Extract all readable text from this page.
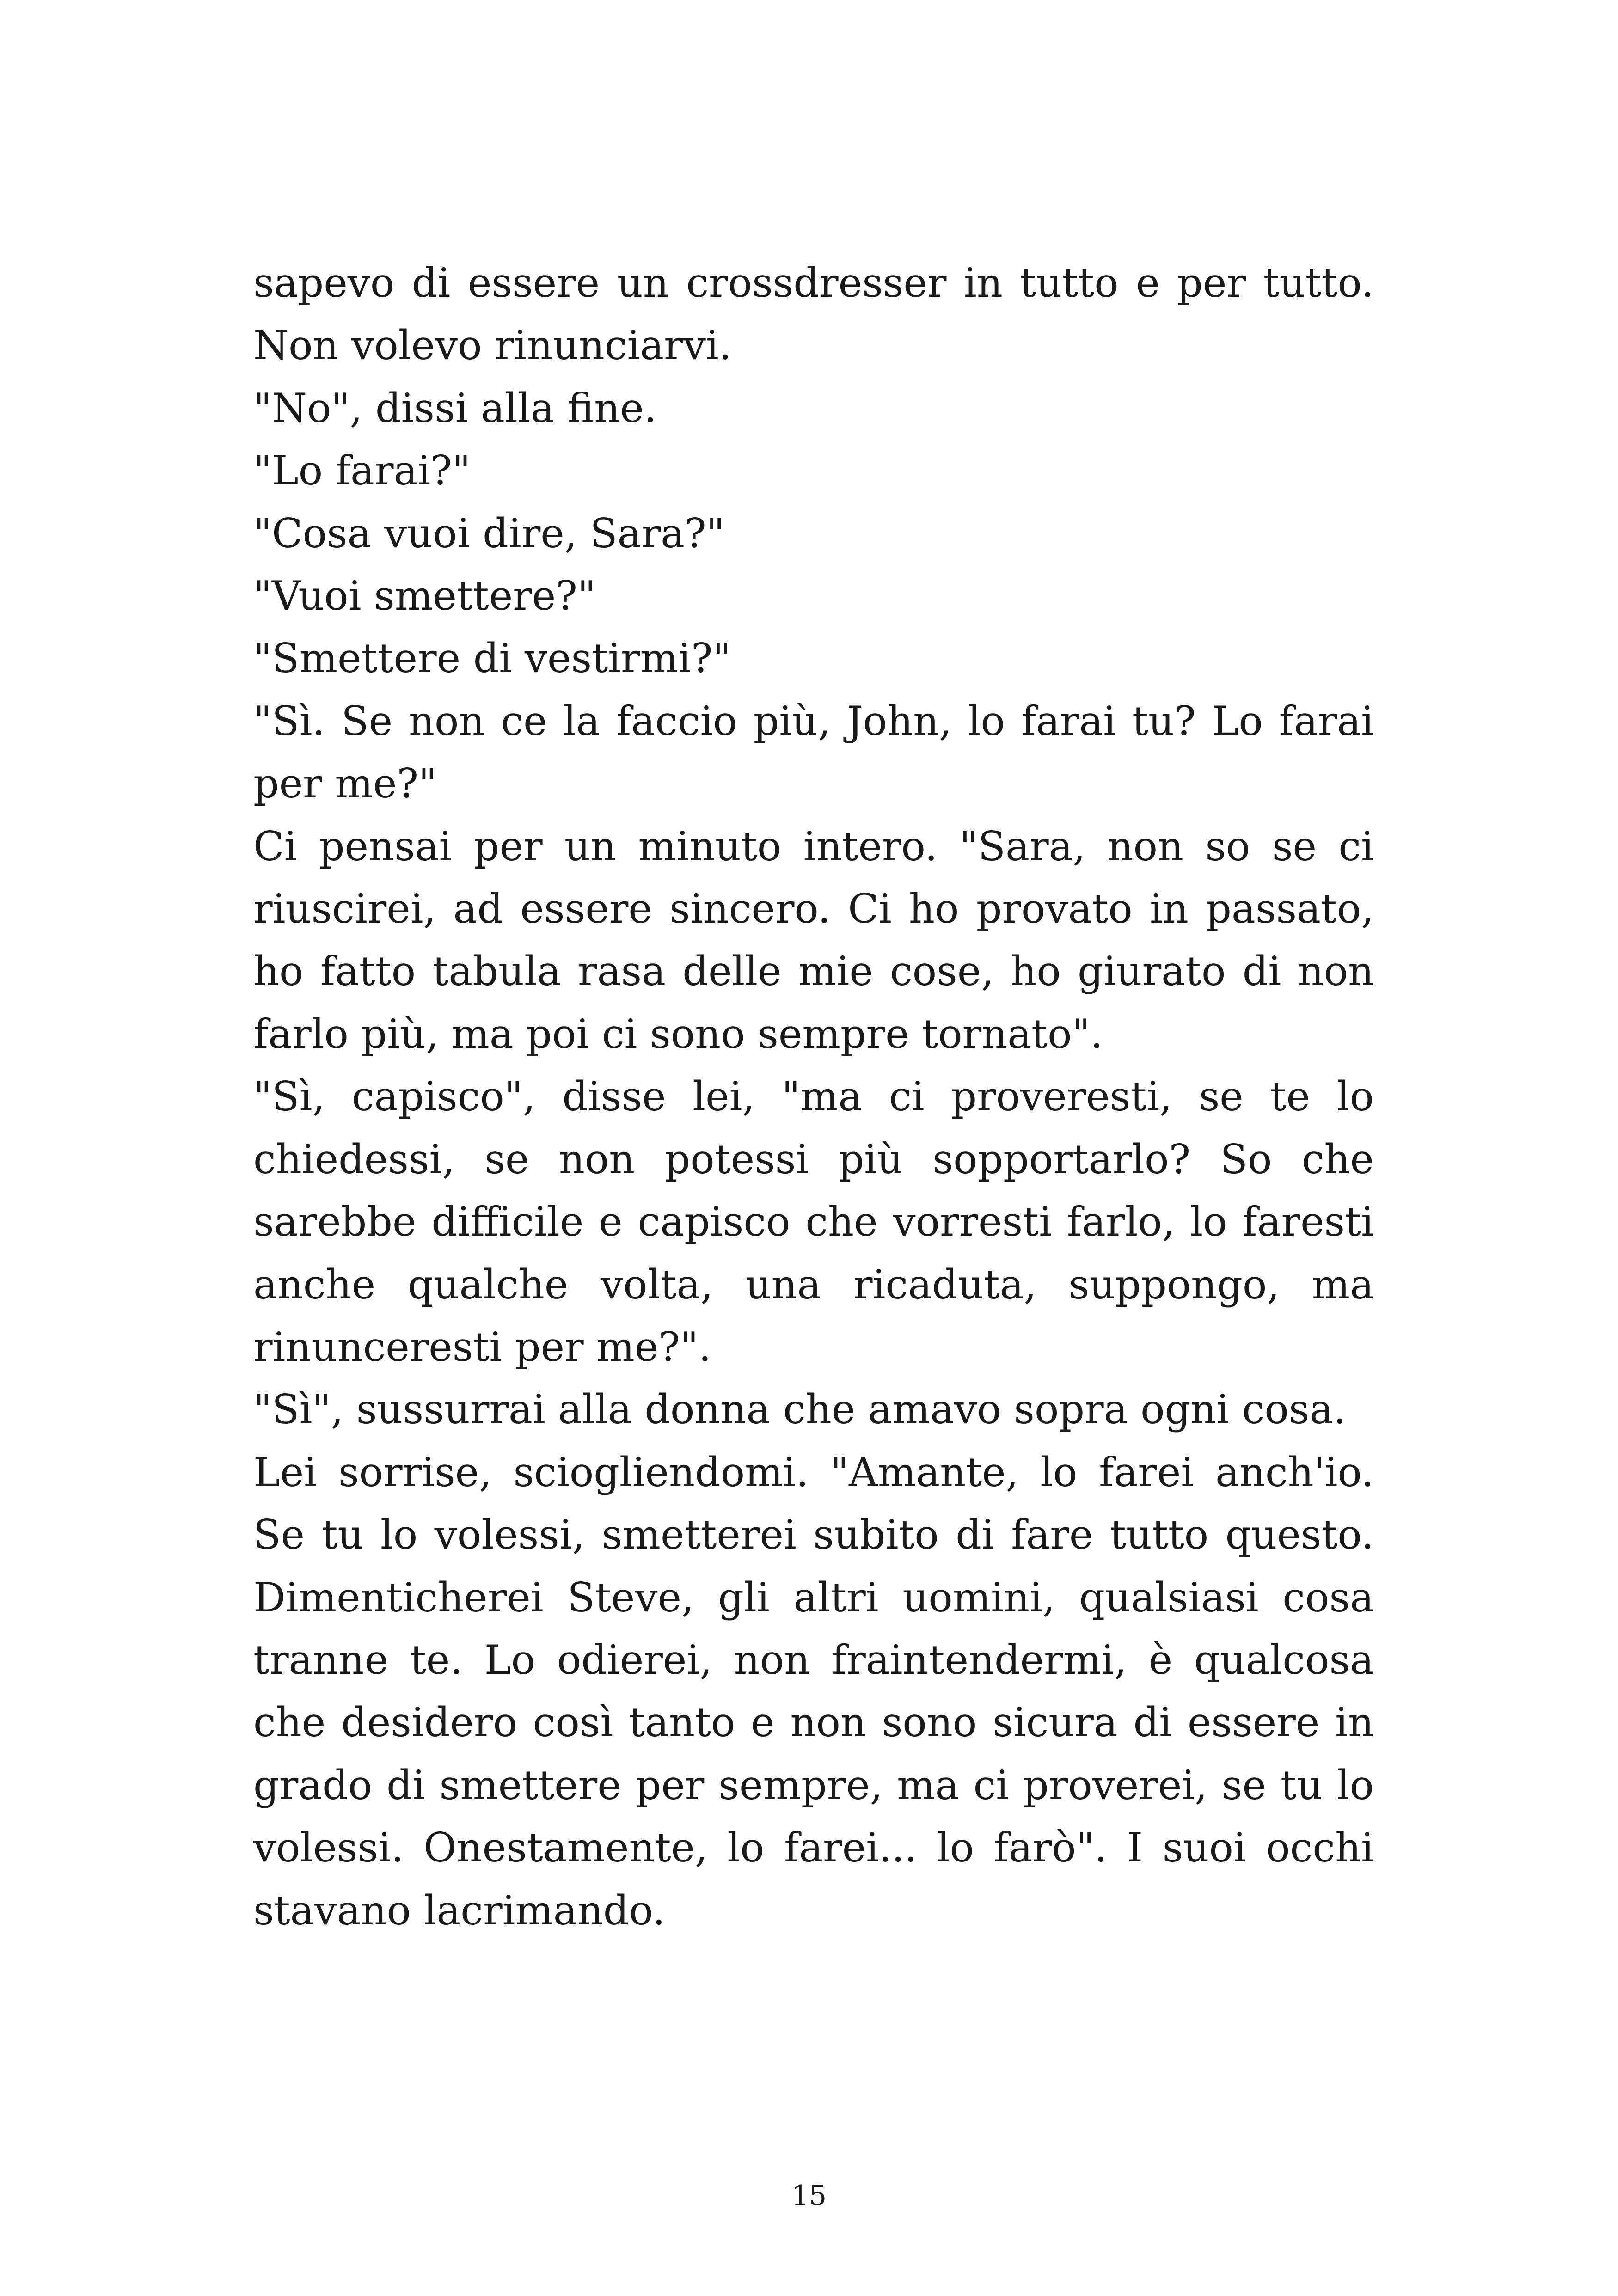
sapevo di essere un crossdresser in tutto e per tutto. Non volevo rinunciarvi.

"No", dissi alla fine.

"Lo farai?"

"Cosa vuoi dire, Sara?"

"Vuoi smettere?"

"Smettere di vestirmi?"

"Sì. Se non ce la faccio più, John, lo farai tu? Lo farai per me?"

Ci pensai per un minuto intero. "Sara, non so se ci riuscirei, ad essere sincero. Ci ho provato in passato, ho fatto tabula rasa delle mie cose, ho giurato di non farlo più, ma poi ci sono sempre tornato".

"Sì, capisco", disse lei, "ma ci proveresti, se te lo chiedessi, se non potessi più sopportarlo? So che sarebbe difficile e capisco che vorresti farlo, lo faresti anche qualche volta, una ricaduta, suppongo, ma rinunceresti per me?".

"Sì", sussurrai alla donna che amavo sopra ogni cosa.

Lei sorrise, sciogliendomi. "Amante, lo farei anch'io. Se tu lo volessi, smetterei subito di fare tutto questo. Dimenticherei Steve, gli altri uomini, qualsiasi cosa tranne te. Lo odierei, non fraintendermi, è qualcosa che desidero così tanto e non sono sicura di essere in grado di smettere per sempre, ma ci proverei, se tu lo volessi. Onestamente, lo farei... lo farò". I suoi occhi stavano lacrimando.

15
